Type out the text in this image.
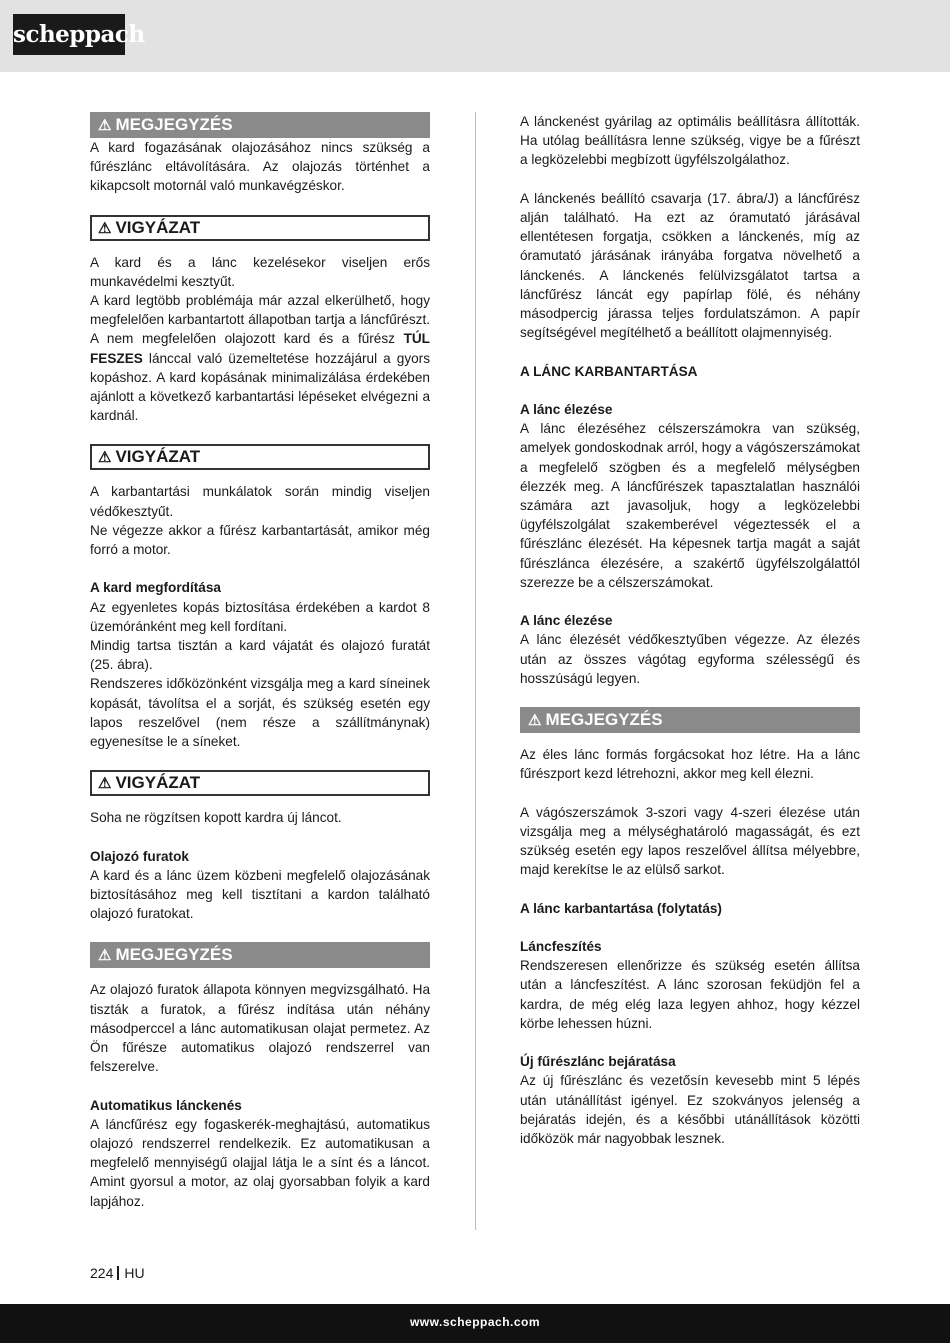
scheppach
⚠ MEGJEGYZÉS

A kard fogazásának olajozásához nincs szükség a fűrészlánc eltávolítására. Az olajozás történhet a kikapcsolt motornál való munkavégzéskor.

⚠ VIGYÁZAT

A kard és a lánc kezelésekor viseljen erős munkavédelmi kesztyűt.

A kard legtöbb problémája már azzal elkerülhető, hogy megfelelően karbantartott állapotban tartja a láncfűrészt. A nem megfelelően olajozott kard és a fűrész TÚL FESZES lánccal való üzemeltetése hozzájárul a gyors kopáshoz. A kard kopásának minimalizálása érdekében ajánlott a következő karbantartási lépéseket elvégezni a kardnál.

⚠ VIGYÁZAT

A karbantartási munkálatok során mindig viseljen védőkesztyűt.

Ne végezze akkor a fűrész karbantartását, amikor még forró a motor.

A kard megfordítása

Az egyenletes kopás biztosítása érdekében a kardot 8 üzemóránként meg kell fordítani.

Mindig tartsa tisztán a kard vájatát és olajozó furatát (25. ábra).

Rendszeres időközönként vizsgálja meg a kard síneinek kopását, távolítsa el a sorját, és szükség esetén egy lapos reszelővel (nem része a szállítmánynak) egyenesítse le a síneket.

⚠ VIGYÁZAT

Soha ne rögzítsen kopott kardra új láncot.

Olajozó furatok

A kard és a lánc üzem közbeni megfelelő olajozásának biztosításához meg kell tisztítani a kardon található olajozó furatokat.

⚠ MEGJEGYZÉS

Az olajozó furatok állapota könnyen megvizsgálható. Ha tiszták a furatok, a fűrész indítása után néhány másodperccel a lánc automatikusan olajat permetez. Az Ön fűrésze automatikus olajozó rendszerrel van felszerelve.

Automatikus lánckenés

A láncfűrész egy fogaskerék-meghajtású, automatikus olajozó rendszerrel rendelkezik. Ez automatikusan a megfelelő mennyiségű olajjal látja le a sínt és a láncot. Amint gyorsul a motor, az olaj gyorsabban folyik a kard lapjához.

A lánckenést gyárilag az optimális beállításra állították. Ha utólag beállításra lenne szükség, vigye be a fűrészt a legközelebbi megbízott ügyfélszolgálathoz.

A lánckenés beállító csavarja (17. ábra/J) a láncfűrész alján található. Ha ezt az óramutató járásával ellentétesen forgatja, csökken a lánckenés, míg az óramutató járásának irányába forgatva növelhető a lánckenés. A lánckenés felülvizsgálatot tartsa a láncfűrész láncát egy papírlap fölé, és néhány másodpercig járassa teljes fordulatszámon. A papír segítségével megítélhető a beállított olajmennyiség.

A LÁNC KARBANTARTÁSA
A lánc élezése

A lánc élezéséhez célszerszámokra van szükség, amelyek gondoskodnak arról, hogy a vágószerszámokat a megfelelő szögben és a megfelelő mélységben élezzék meg. A láncfűrészek tapasztalatlan használói számára azt javasoljuk, hogy a legközelebbi ügyfélszolgálat szakemberével végeztessék el a fűrészlánc élezését. Ha képesnek tartja magát a saját fűrészlánca élezésére, a szakértő ügyfélszolgálattól szerezze be a célszerszámokat.

A lánc élezése

A lánc élezését védőkesztyűben végezze. Az élezés után az összes vágótag egyforma szélességű és hosszúságú legyen.

⚠ MEGJEGYZÉS

Az éles lánc formás forgácsokat hoz létre. Ha a lánc fűrészport kezd létrehozni, akkor meg kell élezni.

A vágószerszámok 3-szori vagy 4-szeri élezése után vizsgálja meg a mélységhatároló magasságát, és ezt szükség esetén egy lapos reszelővel állítsa mélyebbre, majd kerekítse le az elülső sarkot.

A lánc karbantartása (folytatás)
Láncfeszítés

Rendszeresen ellenőrizze és szükség esetén állítsa után a láncfeszítést. A lánc szorosan feküdjön fel a kardra, de még elég laza legyen ahhoz, hogy kézzel körbe lehessen húzni.

Új fűrészlánc bejáratása

Az új fűrészlánc és vezetősín kevesebb mint 5 lépés után utánállítást igényel. Ez szokványos jelenség a bejáratás idején, és a későbbi utánállítások közötti időközök már nagyobbak lesznek.

224 HU
www.scheppach.com
